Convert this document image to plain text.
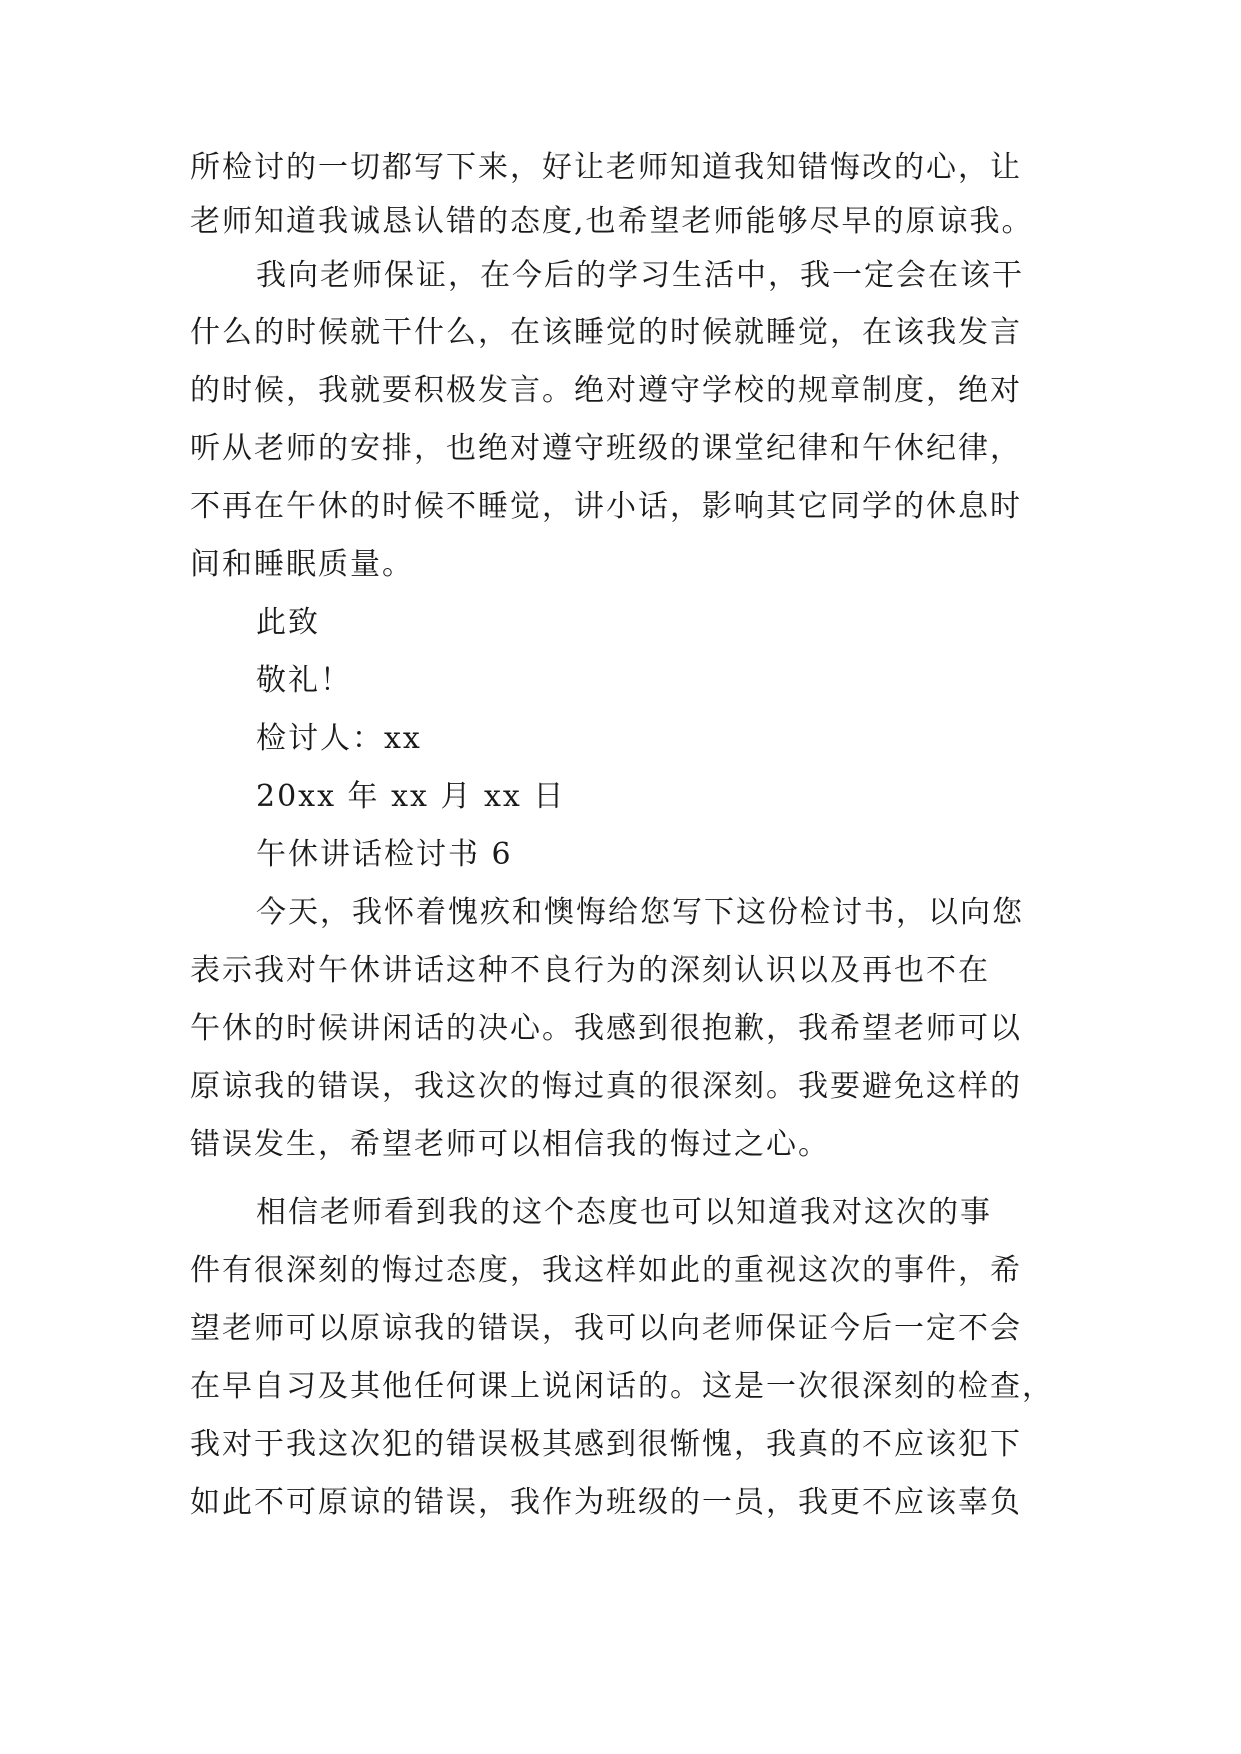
所检讨的一切都写下来，好让老师知道我知错悔改的心，让
老师知道我诚恳认错的态度,也希望老师能够尽早的原谅我。
我向老师保证，在今后的学习生活中，我一定会在该干
什么的时候就干什么，在该睡觉的时候就睡觉，在该我发言
的时候，我就要积极发言。绝对遵守学校的规章制度，绝对
听从老师的安排，也绝对遵守班级的课堂纪律和午休纪律，
不再在午休的时候不睡觉，讲小话，影响其它同学的休息时
间和睡眠质量。
此致
敬礼！
检讨人：xx
20xx 年 xx 月 xx 日
午休讲话检讨书 6
今天，我怀着愧疚和懊悔给您写下这份检讨书，以向您
表示我对午休讲话这种不良行为的深刻认识以及再也不在
午休的时候讲闲话的决心。我感到很抱歉，我希望老师可以
原谅我的错误，我这次的悔过真的很深刻。我要避免这样的
错误发生，希望老师可以相信我的悔过之心。
相信老师看到我的这个态度也可以知道我对这次的事
件有很深刻的悔过态度，我这样如此的重视这次的事件，希
望老师可以原谅我的错误，我可以向老师保证今后一定不会
在早自习及其他任何课上说闲话的。这是一次很深刻的检查，
我对于我这次犯的错误极其感到很惭愧，我真的不应该犯下
如此不可原谅的错误，我作为班级的一员，我更不应该辜负
